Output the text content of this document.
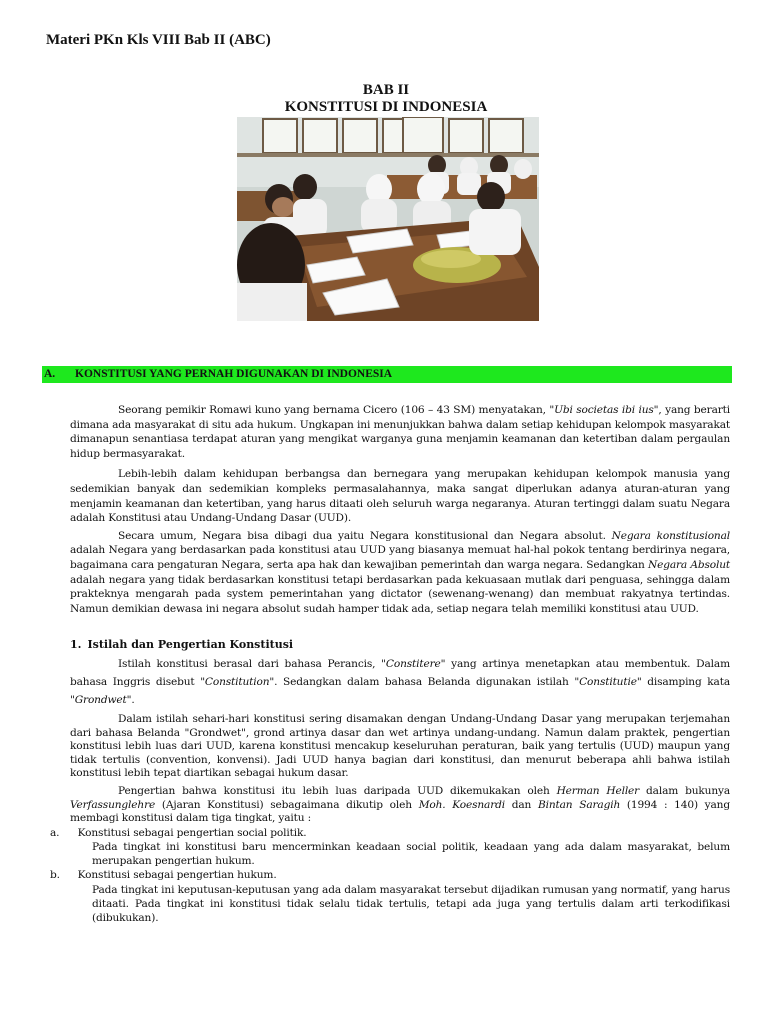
Materi PKn Kls VIII Bab II (ABC)
BAB II
KONSTITUSI DI INDONESIA
A. KONSTITUSI YANG PERNAH DIGUNAKAN DI INDONESIA

Seorang pemikir Romawi kuno yang bernama Cicero (106 – 43 SM) menyatakan, "Ubi societas ibi ius", yang berarti dimana ada masyarakat di situ ada hukum. Ungkapan ini menunjukkan bahwa dalam setiap kehidupan kelompok masyarakat dimanapun senantiasa terdapat aturan yang mengikat warganya guna menjamin keamanan dan ketertiban dalam pergaulan hidup bermasyarakat.

Lebih-lebih dalam kehidupan berbangsa dan bernegara yang merupakan kehidupan kelompok manusia yang sedemikian banyak dan sedemikian kompleks permasalahannya, maka sangat diperlukan adanya aturan-aturan yang menjamin keamanan dan ketertiban, yang harus ditaati oleh seluruh warga negaranya. Aturan tertinggi dalam suatu Negara adalah Konstitusi atau Undang-Undang Dasar (UUD).

Secara umum, Negara bisa dibagi dua yaitu Negara konstitusional dan Negara absolut. Negara konstitusional adalah Negara yang berdasarkan pada konstitusi atau UUD yang biasanya memuat hal-hal pokok tentang berdirinya negara, bagaimana cara pengaturan Negara, serta apa hak dan kewajiban pemerintah dan warga negara. Sedangkan Negara Absolut adalah negara yang tidak berdasarkan konstitusi tetapi berdasarkan pada kekuasaan mutlak dari penguasa, sehingga dalam prakteknya mengarah pada system pemerintahan yang dictator (sewenang-wenang) dan membuat rakyatnya tertindas. Namun demikian dewasa ini negara absolut sudah hamper tidak ada, setiap negara telah memiliki konstitusi atau UUD.

1. Istilah dan Pengertian Konstitusi

Istilah konstitusi berasal dari bahasa Perancis, "Constitere" yang artinya menetapkan atau membentuk. Dalam bahasa Inggris disebut "Constitution". Sedangkan dalam bahasa Belanda digunakan istilah "Constitutie" disamping kata "Grondwet".

Dalam istilah sehari-hari konstitusi sering disamakan dengan Undang-Undang Dasar yang merupakan terjemahan dari bahasa Belanda "Grondwet", grond artinya dasar dan wet artinya undang-undang. Namun dalam praktek, pengertian konstitusi lebih luas dari UUD, karena konstitusi mencakup keseluruhan peraturan, baik yang tertulis (UUD) maupun yang tidak tertulis (convention, konvensi). Jadi UUD hanya bagian dari konstitusi, dan menurut beberapa ahli bahwa istilah konstitusi lebih tepat diartikan sebagai hukum dasar.

Pengertian bahwa konstitusi itu lebih luas daripada UUD dikemukakan oleh Herman Heller dalam bukunya Verfassunglehre (Ajaran Konstitusi) sebagaimana dikutip oleh Moh. Koesnardi dan Bintan Saragih (1994 : 140) yang membagi konstitusi dalam tiga tingkat, yaitu :

a. Konstitusi sebagai pengertian social politik.
Pada tingkat ini konstitusi baru mencerminkan keadaan social politik, keadaan yang ada dalam masyarakat, belum merupakan pengertian hukum.
b. Konstitusi sebagai pengertian hukum.
Pada tingkat ini keputusan-keputusan yang ada dalam masyarakat tersebut dijadikan rumusan yang normatif, yang harus ditaati. Pada tingkat ini konstitusi tidak selalu tidak tertulis, tetapi ada juga yang tertulis dalam arti terkodifikasi (dibukukan).
